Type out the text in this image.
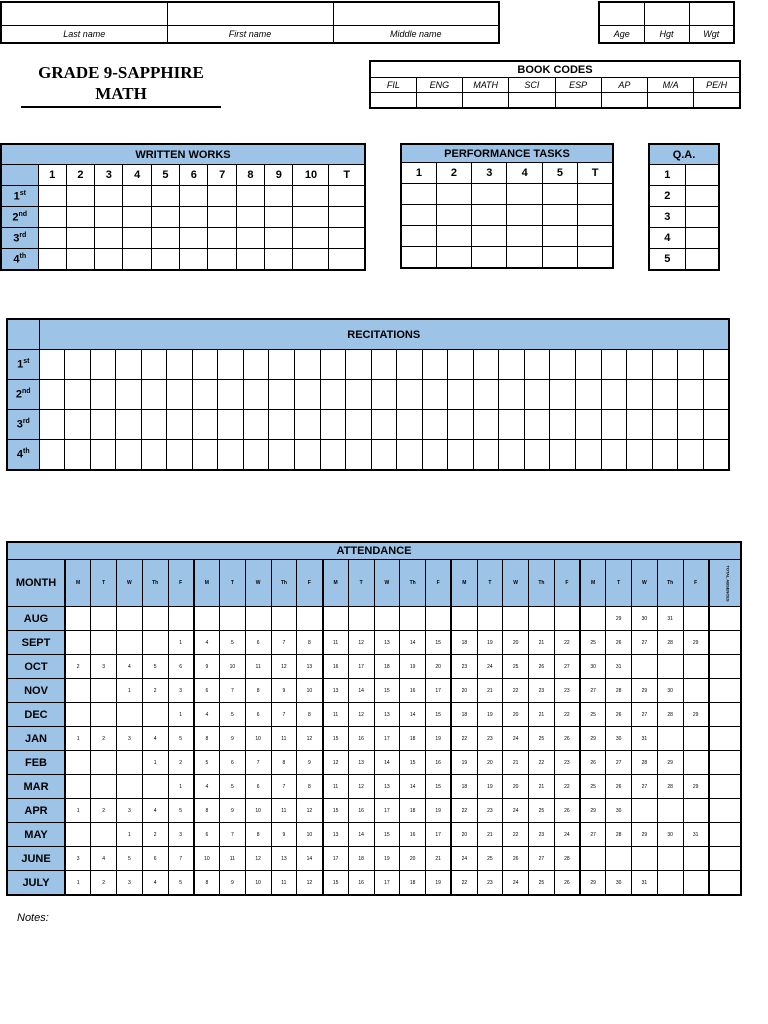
Last name	First name	Middle name
			Age	Hgt	Wgt
GRADE 9-SAPPHIRE
MATH
BOOK CODES							
FIL	ENG	MATH	SCI	ESP	AP	M/A	PE/H

WRITTEN WORKS											
	1	2	3	4	5	6	7	8	9	10	T
1st											
2nd											
3rd											
4th											
PERFORMANCE TASKS					
1	2	3	4	5	T

Q.A.	
1	
2	
3	
4	
5	
	RECITATIONS																										
1st																											
2nd																											
3rd																											
4th																											
ATTENDANCE																										
MONTH	M	T	W	Th	F	M	T	W	Th	F	M	T	W	Th	F	M	T	W	Th	F	M	T	W	Th	F	TOTAL ABSENCES
AUG																						29	30	31		
SEPT					1	4	5	6	7	8	11	12	13	14	15	18	19	20	21	22	25	26	27	28	29	
OCT	2	3	4	5	6	9	10	11	12	13	16	17	18	19	20	23	24	25	26	27	30	31				
NOV			1	2	3	6	7	8	9	10	13	14	15	16	17	20	21	22	23	23	27	28	29	30		
DEC					1	4	5	6	7	8	11	12	13	14	15	18	19	20	21	22	25	26	27	28	29	
JAN	1	2	3	4	5	8	9	10	11	12	15	16	17	18	19	22	23	24	25	26	29	30	31			
FEB				1	2	5	6	7	8	9	12	13	14	15	16	19	20	21	22	23	26	27	28	29		
MAR					1	4	5	6	7	8	11	12	13	14	15	18	19	20	21	22	25	26	27	28	29	
APR	1	2	3	4	5	8	9	10	11	12	15	16	17	18	19	22	23	24	25	26	29	30				
MAY			1	2	3	6	7	8	9	10	13	14	15	16	17	20	21	22	23	24	27	28	29	30	31	
JUNE	3	4	5	6	7	10	11	12	13	14	17	18	19	20	21	24	25	26	27	28						
JULY	1	2	3	4	5	8	9	10	11	12	15	16	17	18	19	22	23	24	25	26	29	30	31			
Notes:
